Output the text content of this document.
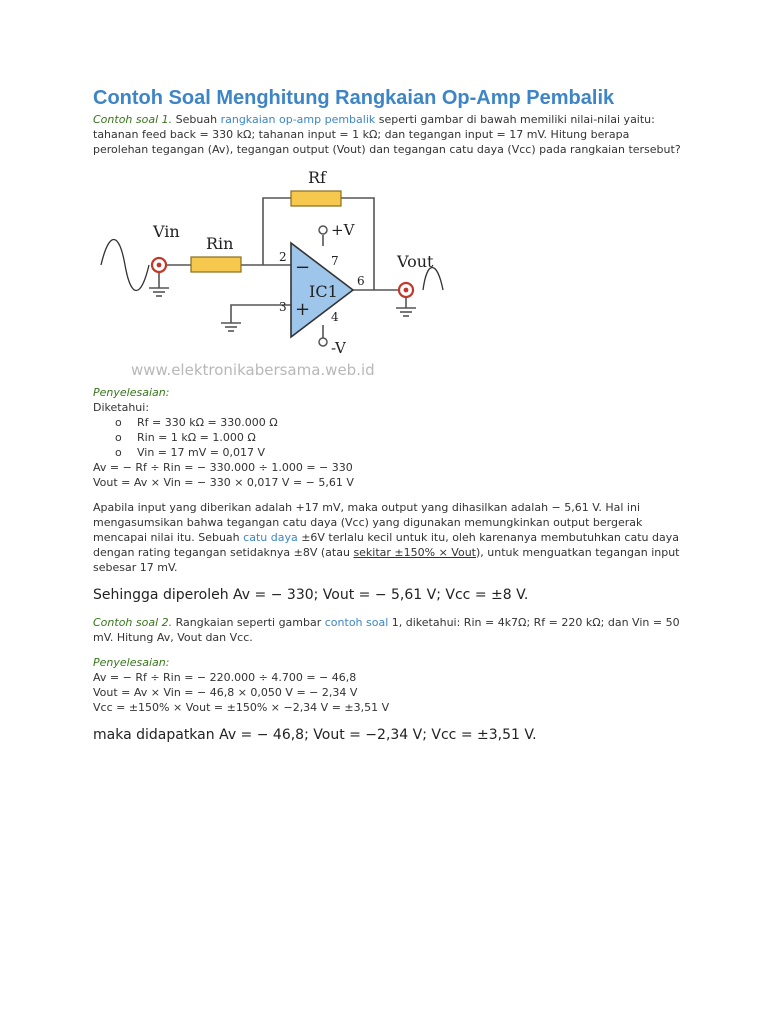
Contoh Soal Menghitung Rangkaian Op-Amp Pembalik

Contoh soal 1. Sebuah rangkaian op-amp pembalik seperti gambar di bawah memiliki nilai-nilai yaitu: tahanan feed back = 330 kΩ; tahanan input = 1 kΩ; dan tegangan input = 17 mV. Hitung berapa perolehan tegangan (Av), tegangan output (Vout) dan tegangan catu daya (Vcc) pada rangkaian tersebut?

Rf
Rin
Vin
Vout
+V
-V
IC1
2
3
7
4
6
−
+
www.elektronikabersama.web.id

Penyelesaian:

Diketahui:

o Rf = 330 kΩ = 330.000 Ω
o Rin = 1 kΩ = 1.000 Ω
o Vin = 17 mV = 0,017 V

Av = − Rf ÷ Rin = − 330.000 ÷ 1.000 = − 330

Vout = Av × Vin = − 330 × 0,017 V = − 5,61 V

Apabila input yang diberikan adalah +17 mV, maka output yang dihasilkan adalah − 5,61 V. Hal ini mengasumsikan bahwa tegangan catu daya (Vcc) yang digunakan memungkinkan output bergerak mencapai nilai itu. Sebuah catu daya ±6V terlalu kecil untuk itu, oleh karenanya membutuhkan catu daya dengan rating tegangan setidaknya ±8V (atau sekitar ±150% × Vout), untuk menguatkan tegangan input sebesar 17 mV.

Sehingga diperoleh Av = − 330; Vout = − 5,61 V; Vcc = ±8 V.

Contoh soal 2. Rangkaian seperti gambar contoh soal 1, diketahui: Rin = 4k7Ω; Rf = 220 kΩ; dan Vin = 50 mV. Hitung Av, Vout dan Vcc.

Penyelesaian:

Av = − Rf ÷ Rin = − 220.000 ÷ 4.700 = − 46,8

Vout = Av × Vin = − 46,8 × 0,050 V = − 2,34 V

Vcc = ±150% × Vout = ±150% × −2,34 V = ±3,51 V

maka didapatkan Av = − 46,8; Vout = −2,34 V; Vcc = ±3,51 V.
